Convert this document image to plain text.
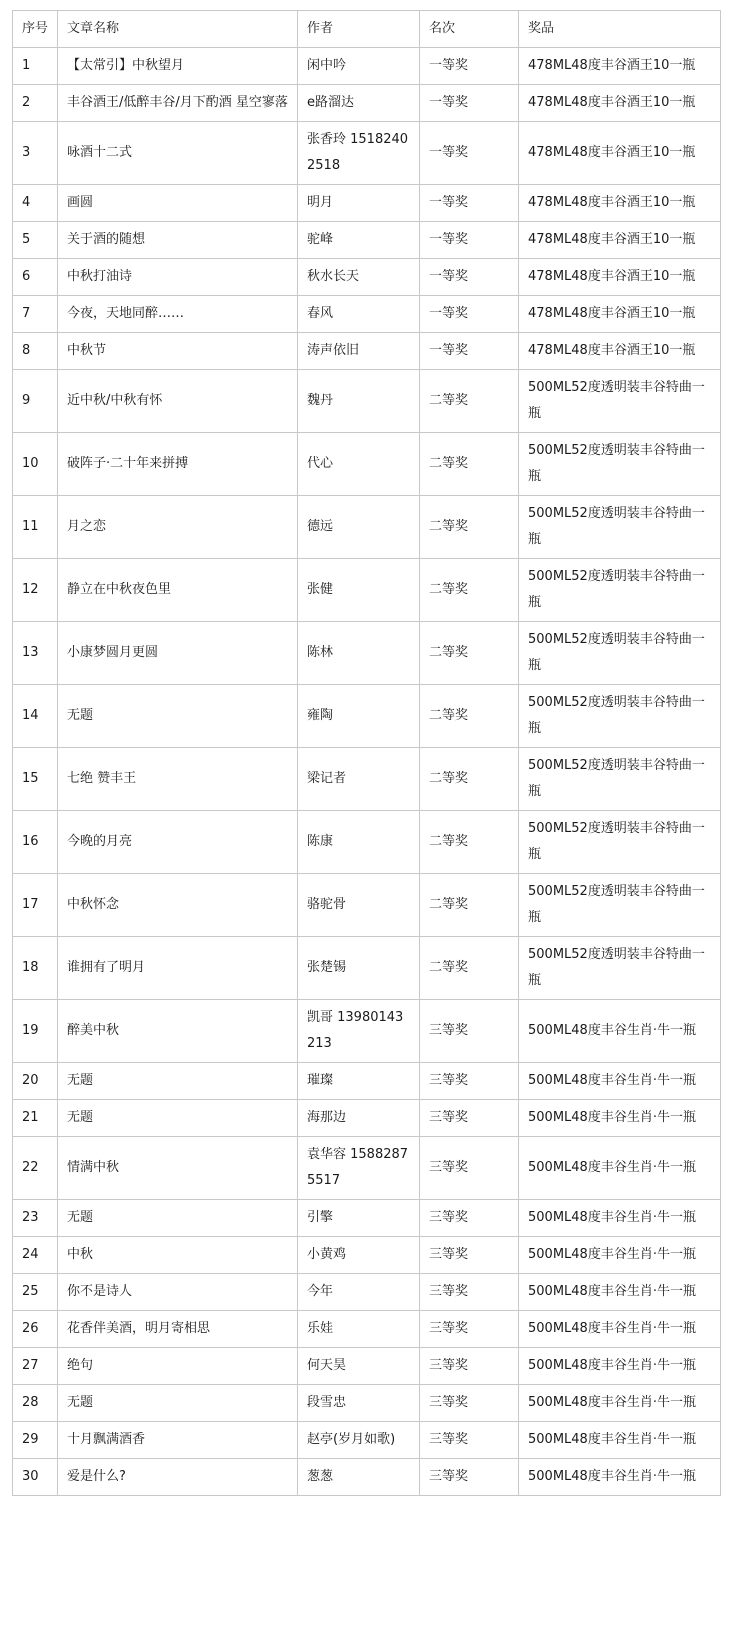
序号	文章名称	作者	名次	奖品
1	【太常引】中秋望月	闲中吟	一等奖	478ML48度丰谷酒王10一瓶
2	丰谷酒王/低醉丰谷/月下酌酒 星空寥落	e路溜达	一等奖	478ML48度丰谷酒王10一瓶
3	咏酒十二式	张香玲 15182402518	一等奖	478ML48度丰谷酒王10一瓶
4	画圆	明月	一等奖	478ML48度丰谷酒王10一瓶
5	关于酒的随想	驼峰	一等奖	478ML48度丰谷酒王10一瓶
6	中秋打油诗	秋水长天	一等奖	478ML48度丰谷酒王10一瓶
7	今夜，天地同醉……	春风	一等奖	478ML48度丰谷酒王10一瓶
8	中秋节	涛声依旧	一等奖	478ML48度丰谷酒王10一瓶
9	近中秋/中秋有怀	魏丹	二等奖	500ML52度透明装丰谷特曲一瓶
10	破阵子·二十年来拼搏	代心	二等奖	500ML52度透明装丰谷特曲一瓶
11	月之恋	德远	二等奖	500ML52度透明装丰谷特曲一瓶
12	静立在中秋夜色里	张健	二等奖	500ML52度透明装丰谷特曲一瓶
13	小康梦圆月更圆	陈林	二等奖	500ML52度透明装丰谷特曲一瓶
14	无题	雍陶	二等奖	500ML52度透明装丰谷特曲一瓶
15	七绝 赞丰王	梁记者	二等奖	500ML52度透明装丰谷特曲一瓶
16	今晚的月亮	陈康	二等奖	500ML52度透明装丰谷特曲一瓶
17	中秋怀念	骆驼骨	二等奖	500ML52度透明装丰谷特曲一瓶
18	谁拥有了明月	张楚锡	二等奖	500ML52度透明装丰谷特曲一瓶
19	醉美中秋	凯哥 13980143213	三等奖	500ML48度丰谷生肖·牛一瓶
20	无题	璀璨	三等奖	500ML48度丰谷生肖·牛一瓶
21	无题	海那边	三等奖	500ML48度丰谷生肖·牛一瓶
22	情满中秋	袁华容 15882875517	三等奖	500ML48度丰谷生肖·牛一瓶
23	无题	引擎	三等奖	500ML48度丰谷生肖·牛一瓶
24	中秋	小黄鸡	三等奖	500ML48度丰谷生肖·牛一瓶
25	你不是诗人	今年	三等奖	500ML48度丰谷生肖·牛一瓶
26	花香伴美酒，明月寄相思	乐娃	三等奖	500ML48度丰谷生肖·牛一瓶
27	绝句	何天昊	三等奖	500ML48度丰谷生肖·牛一瓶
28	无题	段雪忠	三等奖	500ML48度丰谷生肖·牛一瓶
29	十月飘满酒香	赵亭(岁月如歌)	三等奖	500ML48度丰谷生肖·牛一瓶
30	爱是什么?	葱葱	三等奖	500ML48度丰谷生肖·牛一瓶
